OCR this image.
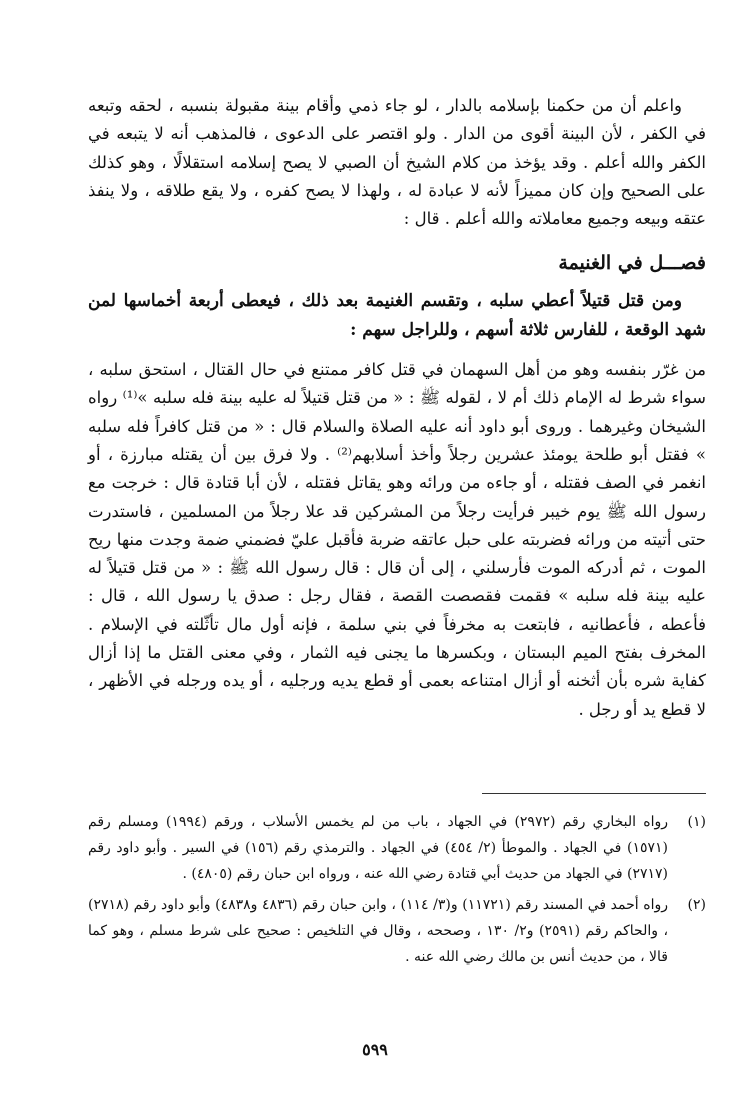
واعلم أن من حكمنا بإسلامه بالدار ، لو جاء ذمي وأقام بينة مقبولة بنسبه ، لحقه وتبعه في الكفر ، لأن البينة أقوى من الدار . ولو اقتصر على الدعوى ، فالمذهب أنه لا يتبعه في الكفر والله أعلم . وقد يؤخذ من كلام الشيخ أن الصبي لا يصح إسلامه استقلالًا ، وهو كذلك على الصحيح وإن كان مميزاً لأنه لا عبادة له ، ولهذا لا يصح كفره ، ولا يقع طلاقه ، ولا ينفذ عتقه وبيعه وجميع معاملاته والله أعلم . قال :

فصـــل في الغنيمة

ومن قتل قتيلاً أعطي سلبه ، وتقسم الغنيمة بعد ذلك ، فيعطى أربعة أخماسها لمن شهد الوقعة ، للفارس ثلاثة أسهم ، وللراجل سهم :

من غرّر بنفسه وهو من أهل السهمان في قتل كافر ممتنع في حال القتال ، استحق سلبه ، سواء شرط له الإمام ذلك أم لا ، لقوله ﷺ : « من قتل قتيلاً له عليه بينة فله سلبه »⁽¹⁾ رواه الشيخان وغيرهما . وروى أبو داود أنه عليه الصلاة والسلام قال : « من قتل كافراً فله سلبه » فقتل أبو طلحة يومئذ عشرين رجلاً وأخذ أسلابهم⁽²⁾ . ولا فرق بين أن يقتله مبارزة ، أو انغمر في الصف فقتله ، أو جاءه من ورائه وهو يقاتل فقتله ، لأن أبا قتادة قال : خرجت مع رسول الله ﷺ يوم خيبر فرأيت رجلاً من المشركين قد علا رجلاً من المسلمين ، فاستدرت حتى أتيته من ورائه فضربته على حبل عاتقه ضربة فأقبل عليّ فضمني ضمة وجدت منها ريح الموت ، ثم أدركه الموت فأرسلني ، إلى أن قال : قال رسول الله ﷺ : « من قتل قتيلاً له عليه بينة فله سلبه » فقمت فقصصت القصة ، فقال رجل : صدق يا رسول الله ، قال : فأعطه ، فأعطانيه ، فابتعت به مخرفاً في بني سلمة ، فإنه أول مال تأثّلته في الإسلام . المخرف بفتح الميم البستان ، وبكسرها ما يجنى فيه الثمار ، وفي معنى القتل ما إذا أزال كفاية شره بأن أثخنه أو أزال امتناعه بعمى أو قطع يديه ورجليه ، أو يده ورجله في الأظهر ، لا قطع يد أو رجل .

(١)
رواه البخاري رقم (٢٩٧٢) في الجهاد ، باب من لم يخمس الأسلاب ، ورقم (١٩٩٤) ومسلم رقم (١٥٧١) في الجهاد . والموطأ (٢/ ٤٥٤) في الجهاد . والترمذي رقم (١٥٦) في السير . وأبو داود رقم (٢٧١٧) في الجهاد من حديث أبي قتادة رضي الله عنه ، ورواه ابن حبان رقم (٤٨٠٥) .
(٢)
رواه أحمد في المسند رقم (١١٧٢١) و(٣/ ١١٤) ، وابن حبان رقم (٤٨٣٦ و٤٨٣٨) وأبو داود رقم (٢٧١٨) ، والحاكم رقم (٢٥٩١) و٢/ ١٣٠ ، وصححه ، وقال في التلخيص : صحيح على شرط مسلم ، وهو كما قالا ، من حديث أنس بن مالك رضي الله عنه .
٥٩٩
